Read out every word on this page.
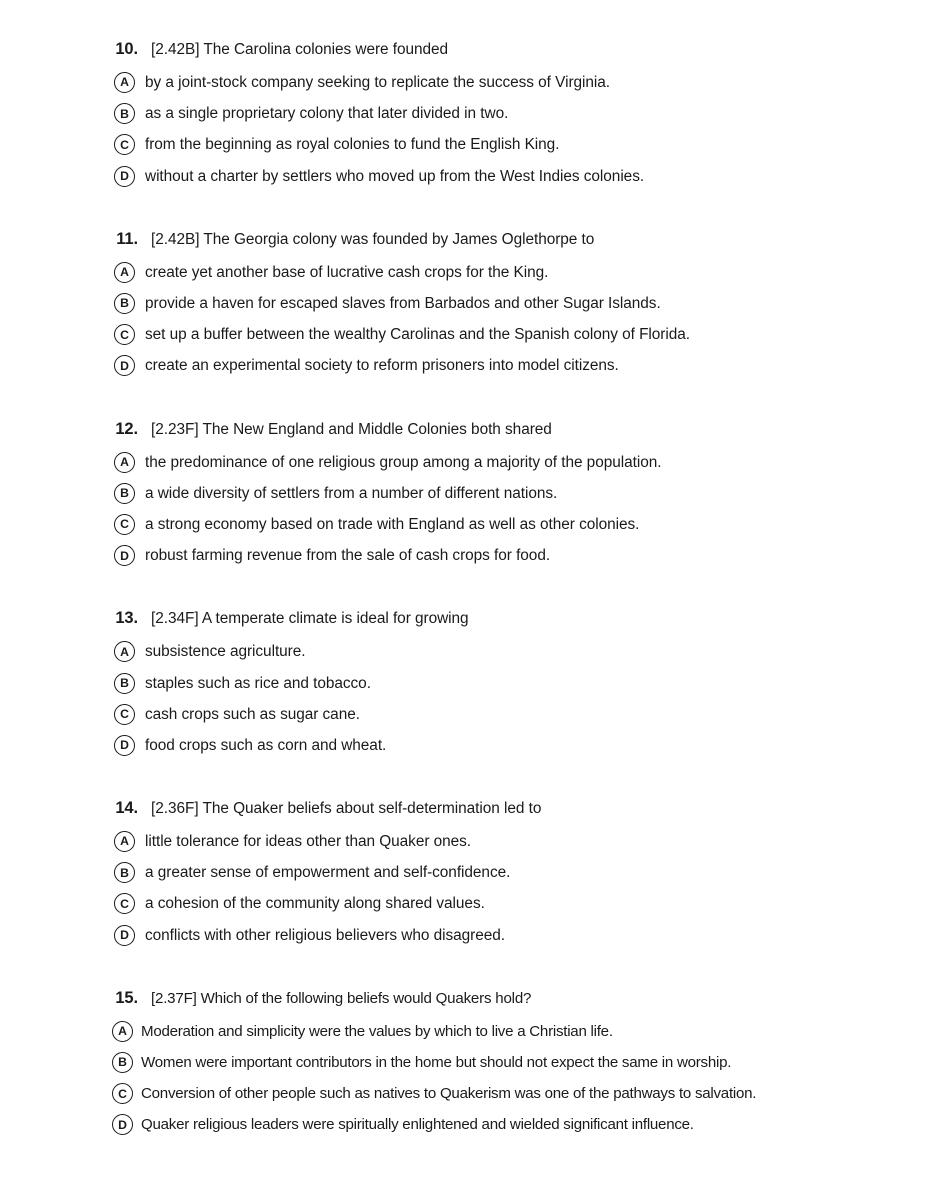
10. [2.42B] The Carolina colonies were founded
A	by a joint-stock company seeking to replicate the success of Virginia.
B	as a single proprietary colony that later divided in two.
C	from the beginning as royal colonies to fund the English King.
D	without a charter by settlers who moved up from the West Indies colonies.
11. [2.42B] The Georgia colony was founded by James Oglethorpe to
A	create yet another base of lucrative cash crops for the King.
B	provide a haven for escaped slaves from Barbados and other Sugar Islands.
C	set up a buffer between the wealthy Carolinas and the Spanish colony of Florida.
D	create an experimental society to reform prisoners into model citizens.
12. [2.23F] The New England and Middle Colonies both shared
A	the predominance of one religious group among a majority of the population.
B	a wide diversity of settlers from a number of different nations.
C	a strong economy based on trade with England as well as other colonies.
D	robust farming revenue from the sale of cash crops for food.
13. [2.34F] A temperate climate is ideal for growing
A	subsistence agriculture.
B	staples such as rice and tobacco.
C	cash crops such as sugar cane.
D	food crops such as corn and wheat.
14. [2.36F] The Quaker beliefs about self-determination led to
A	little tolerance for ideas other than Quaker ones.
B	a greater sense of empowerment and self-confidence.
C	a cohesion of the community along shared values.
D	conflicts with other religious believers who disagreed.
15. [2.37F] Which of the following beliefs would Quakers hold?
A Moderation and simplicity were the values by which to live a Christian life.
B Women were important contributors in the home but should not expect the same in worship.
C Conversion of other people such as natives to Quakerism was one of the pathways to salvation.
D Quaker religious leaders were spiritually enlightened and wielded significant influence.
